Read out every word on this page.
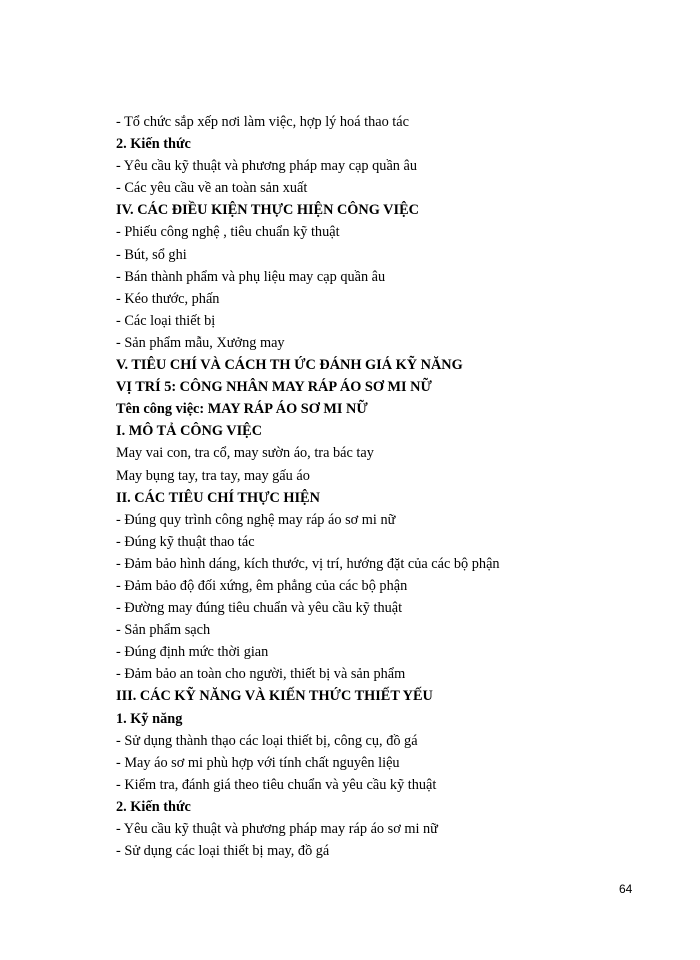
- Tổ chức sắp xếp nơi làm việc, hợp lý hoá thao tác
2. Kiến thức
- Yêu cầu kỹ thuật và phương pháp may cạp quần âu
- Các yêu cầu về an toàn sản xuất
IV. CÁC ĐIỀU KIỆN THỰC HIỆN CÔNG VIỆC
- Phiếu công nghệ , tiêu chuẩn kỹ thuật
- Bút, sổ ghi
- Bán thành phẩm và phụ liệu may cạp quần âu
- Kéo thước, phấn
- Các loại thiết bị
- Sản phẩm mẫu, Xưởng may
V. TIÊU CHÍ VÀ CÁCH TH ỨC ĐÁNH GIÁ KỸ NĂNG
VỊ TRÍ 5: CÔNG NHÂN MAY RÁP ÁO SƠ MI NỮ
Tên công việc: MAY RÁP ÁO SƠ MI NỮ
I. MÔ TẢ CÔNG VIỆC
May vai con, tra cổ, may sườn áo, tra bác tay
May bụng tay, tra tay, may gấu áo
II. CÁC TIÊU CHÍ THỰC HIỆN
- Đúng quy trình công nghệ may ráp áo sơ mi nữ
- Đúng kỹ thuật thao tác
- Đảm bảo hình dáng, kích thước, vị trí, hướng đặt của các bộ phận
- Đảm bảo độ đối xứng, êm phẳng của các bộ phận
- Đường may đúng tiêu chuẩn và yêu cầu kỹ thuật
- Sản phẩm sạch
- Đúng định mức thời gian
- Đảm bảo an toàn cho người, thiết bị và sản phẩm
III. CÁC KỸ NĂNG VÀ KIẾN THỨC THIẾT YẾU
1. Kỹ năng
- Sử dụng thành thạo các loại thiết bị, công cụ, đồ gá
- May áo sơ mi phù hợp với tính chất nguyên liệu
- Kiểm tra, đánh giá theo tiêu chuẩn và yêu cầu kỹ thuật
2. Kiến thức
- Yêu cầu kỹ thuật và phương pháp may ráp áo sơ mi nữ
- Sử dụng các loại thiết bị may, đồ gá
64
